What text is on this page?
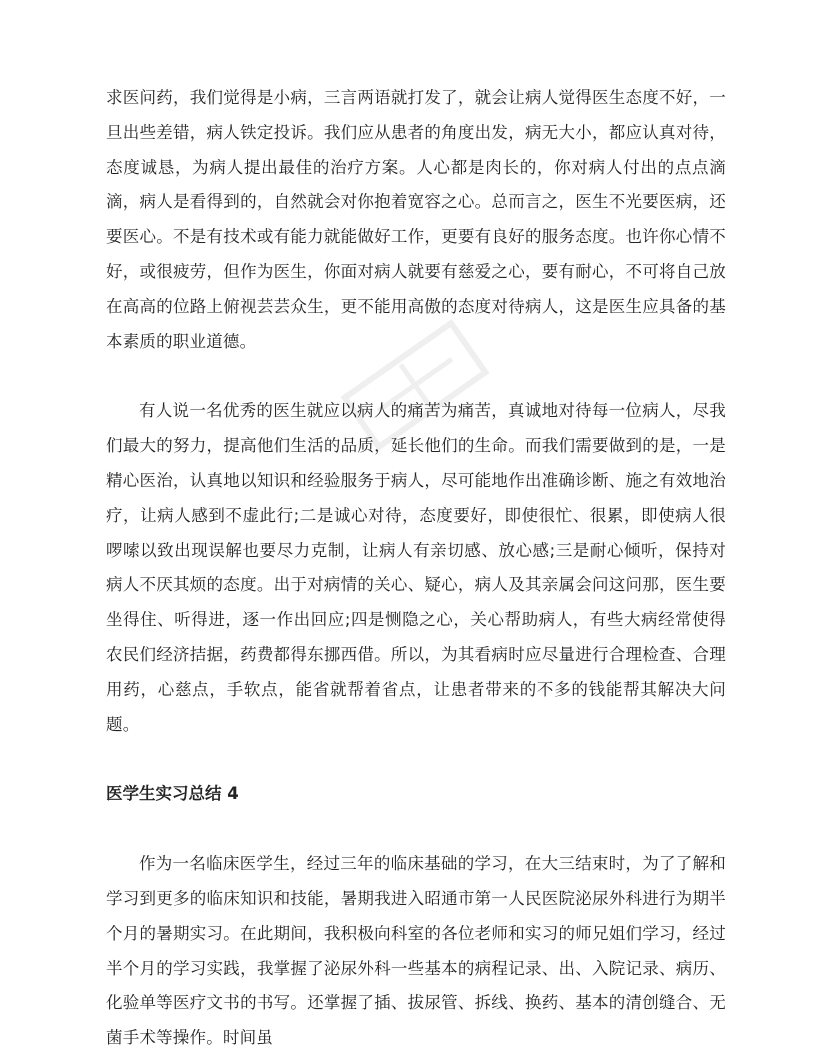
求医问药，我们觉得是小病，三言两语就打发了，就会让病人觉得医生态度不好，一旦出些差错，病人铁定投诉。我们应从患者的角度出发，病无大小，都应认真对待，态度诚恳，为病人提出最佳的治疗方案。人心都是肉长的，你对病人付出的点点滴滴，病人是看得到的，自然就会对你抱着宽容之心。总而言之，医生不光要医病，还要医心。不是有技术或有能力就能做好工作，更要有良好的服务态度。也许你心情不好，或很疲劳，但作为医生，你面对病人就要有慈爱之心，要有耐心，不可将自己放在高高的位路上俯视芸芸众生，更不能用高傲的态度对待病人，这是医生应具备的基本素质的职业道德。

有人说一名优秀的医生就应以病人的痛苦为痛苦，真诚地对待每一位病人，尽我们最大的努力，提高他们生活的品质，延长他们的生命。而我们需要做到的是，一是精心医治，认真地以知识和经验服务于病人，尽可能地作出准确诊断、施之有效地治疗，让病人感到不虚此行;二是诚心对待，态度要好，即使很忙、很累，即使病人很啰嗦以致出现误解也要尽力克制，让病人有亲切感、放心感;三是耐心倾听，保持对病人不厌其烦的态度。出于对病情的关心、疑心，病人及其亲属会问这问那，医生要坐得住、听得进，逐一作出回应;四是恻隐之心，关心帮助病人，有些大病经常使得农民们经济拮据，药费都得东挪西借。所以，为其看病时应尽量进行合理检查、合理用药，心慈点，手软点，能省就帮着省点，让患者带来的不多的钱能帮其解决大问题。

医学生实习总结 4

作为一名临床医学生，经过三年的临床基础的学习，在大三结束时，为了了解和学习到更多的临床知识和技能，暑期我进入昭通市第一人民医院泌尿外科进行为期半个月的暑期实习。在此期间，我积极向科室的各位老师和实习的师兄姐们学习，经过半个月的学习实践，我掌握了泌尿外科一些基本的病程记录、出、入院记录、病历、化验单等医疗文书的书写。还掌握了插、拔尿管、拆线、换药、基本的清创缝合、无菌手术等操作。时间虽
